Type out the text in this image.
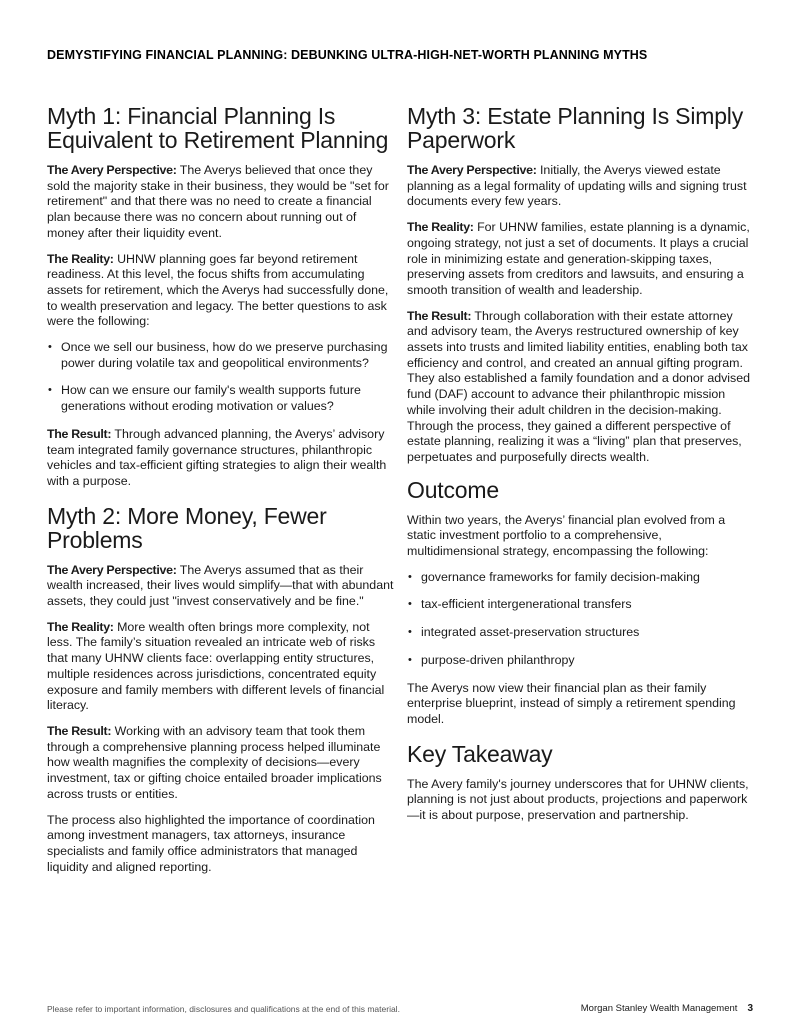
DEMYSTIFYING FINANCIAL PLANNING: DEBUNKING ULTRA-HIGH-NET-WORTH PLANNING MYTHS
Myth 1: Financial Planning Is Equivalent to Retirement Planning

The Avery Perspective: The Averys believed that once they sold the majority stake in their business, they would be "set for retirement" and that there was no need to create a financial plan because there was no concern about running out of money after their liquidity event.

The Reality: UHNW planning goes far beyond retirement readiness. At this level, the focus shifts from accumulating assets for retirement, which the Averys had successfully done, to wealth preservation and legacy. The better questions to ask were the following:

• Once we sell our business, how do we preserve purchasing power during volatile tax and geopolitical environments?
• How can we ensure our family's wealth supports future generations without eroding motivation or values?

The Result: Through advanced planning, the Averys’ advisory team integrated family governance structures, philanthropic vehicles and tax-efficient gifting strategies to align their wealth with a purpose.

Myth 2: More Money, Fewer Problems

The Avery Perspective: The Averys assumed that as their wealth increased, their lives would simplify—that with abundant assets, they could just "invest conservatively and be fine."

The Reality: More wealth often brings more complexity, not less. The family’s situation revealed an intricate web of risks that many UHNW clients face: overlapping entity structures, multiple residences across jurisdictions, concentrated equity exposure and family members with different levels of financial literacy.

The Result: Working with an advisory team that took them through a comprehensive planning process helped illuminate how wealth magnifies the complexity of decisions—every investment, tax or gifting choice entailed broader implications across trusts or entities.

The process also highlighted the importance of coordination among investment managers, tax attorneys, insurance specialists and family office administrators that managed liquidity and aligned reporting.

Myth 3: Estate Planning Is Simply Paperwork

The Avery Perspective: Initially, the Averys viewed estate planning as a legal formality of updating wills and signing trust documents every few years.

The Reality: For UHNW families, estate planning is a dynamic, ongoing strategy, not just a set of documents. It plays a crucial role in minimizing estate and generation-skipping taxes, preserving assets from creditors and lawsuits, and ensuring a smooth transition of wealth and leadership.

The Result: Through collaboration with their estate attorney and advisory team, the Averys restructured ownership of key assets into trusts and limited liability entities, enabling both tax efficiency and control, and created an annual gifting program. They also established a family foundation and a donor advised fund (DAF) account to advance their philanthropic mission while involving their adult children in the decision-making. Through the process, they gained a different perspective of estate planning, realizing it was a “living” plan that preserves, perpetuates and purposefully directs wealth.

Outcome

Within two years, the Averys’ financial plan evolved from a static investment portfolio to a comprehensive, multidimensional strategy, encompassing the following:

• governance frameworks for family decision-making
• tax-efficient intergenerational transfers
• integrated asset-preservation structures
• purpose-driven philanthropy

The Averys now view their financial plan as their family enterprise blueprint, instead of simply a retirement spending model.

Key Takeaway

The Avery family's journey underscores that for UHNW clients, planning is not just about products, projections and paperwork—it is about purpose, preservation and partnership.

Please refer to important information, disclosures and qualifications at the end of this material.	Morgan Stanley Wealth Management 3
